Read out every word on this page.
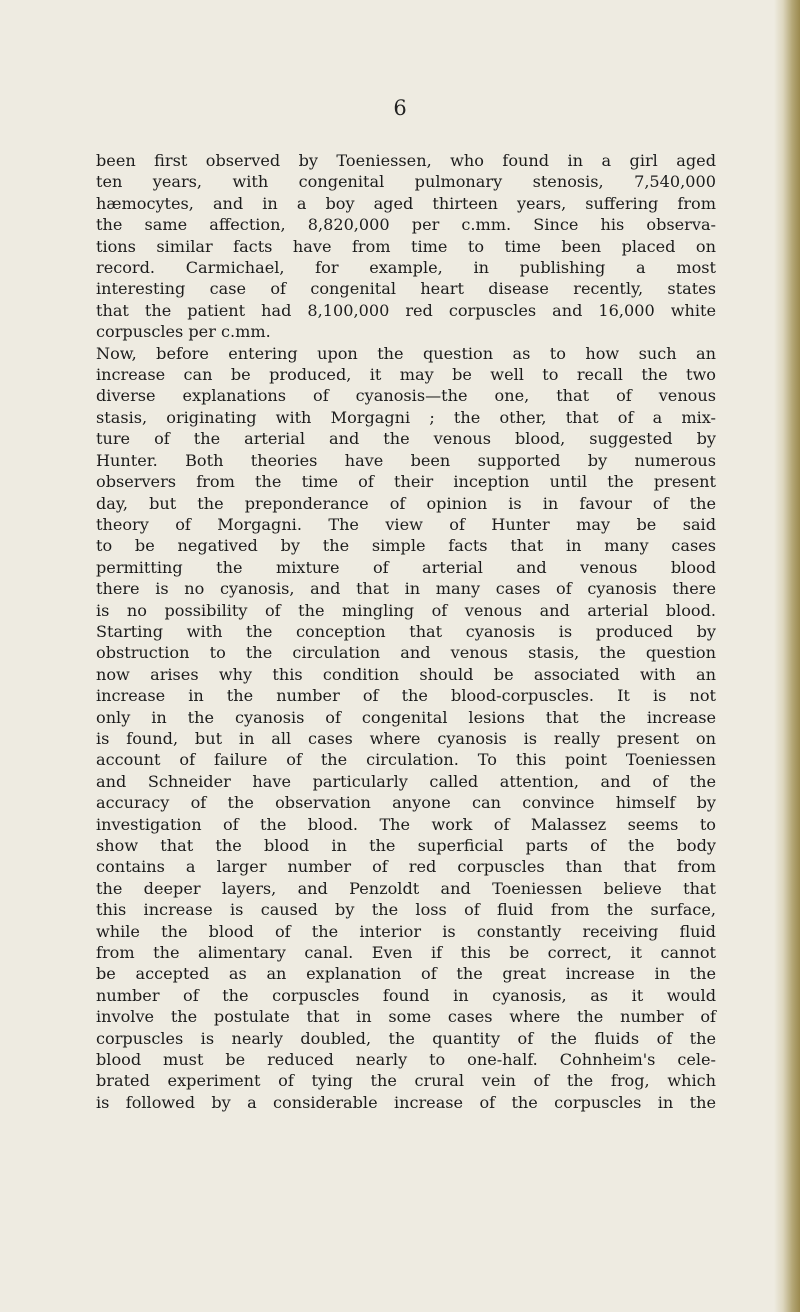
6
been first observed by Toeniessen, who found in a girl aged
ten years, with congenital pulmonary stenosis, 7,540,000
hæmocytes, and in a boy aged thirteen years, suffering from
the same affection, 8,820,000 per c.mm. Since his observa-
tions similar facts have from time to time been placed on
record. Carmichael, for example, in publishing a most
interesting case of congenital heart disease recently, states
that the patient had 8,100,000 red corpuscles and 16,000 white
corpuscles per c.mm.
Now, before entering upon the question as to how such an
increase can be produced, it may be well to recall the two
diverse explanations of cyanosis—the one, that of venous
stasis, originating with Morgagni ; the other, that of a mix-
ture of the arterial and the venous blood, suggested by
Hunter. Both theories have been supported by numerous
observers from the time of their inception until the present
day, but the preponderance of opinion is in favour of the
theory of Morgagni. The view of Hunter may be said
to be negatived by the simple facts that in many cases
permitting the mixture of arterial and venous blood
there is no cyanosis, and that in many cases of cyanosis there
is no possibility of the mingling of venous and arterial blood.
Starting with the conception that cyanosis is produced by
obstruction to the circulation and venous stasis, the question
now arises why this condition should be associated with an
increase in the number of the blood-corpuscles. It is not
only in the cyanosis of congenital lesions that the increase
is found, but in all cases where cyanosis is really present on
account of failure of the circulation. To this point Toeniessen
and Schneider have particularly called attention, and of the
accuracy of the observation anyone can convince himself by
investigation of the blood. The work of Malassez seems to
show that the blood in the superficial parts of the body
contains a larger number of red corpuscles than that from
the deeper layers, and Penzoldt and Toeniessen believe that
this increase is caused by the loss of fluid from the surface,
while the blood of the interior is constantly receiving fluid
from the alimentary canal. Even if this be correct, it cannot
be accepted as an explanation of the great increase in the
number of the corpuscles found in cyanosis, as it would
involve the postulate that in some cases where the number of
corpuscles is nearly doubled, the quantity of the fluids of the
blood must be reduced nearly to one-half. Cohnheim's cele-
brated experiment of tying the crural vein of the frog, which
is followed by a considerable increase of the corpuscles in the
